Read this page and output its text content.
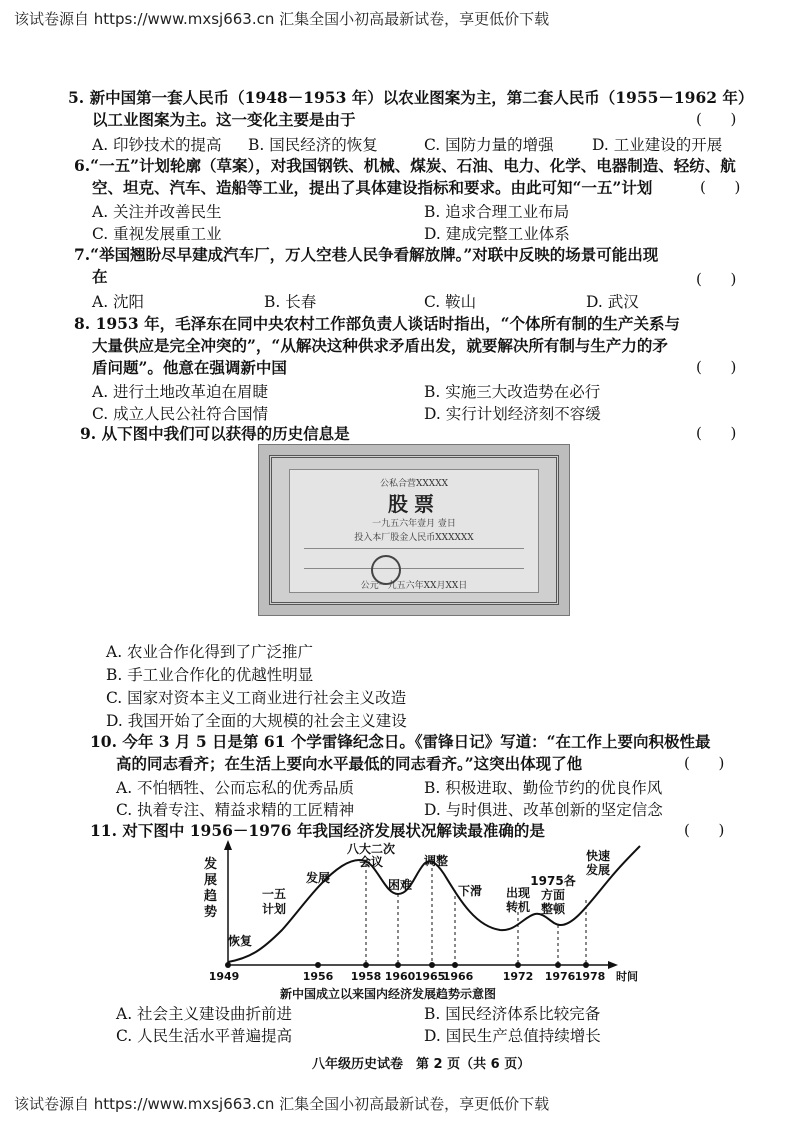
该试卷源自 https://www.mxsj663.cn 汇集全国小初高最新试卷，享更低价下载
5. 新中国第一套人民币（1948－1953 年）以农业图案为主，第二套人民币（1955－1962 年）
以工业图案为主。这一变化主要是由于	(      )
A. 印钞技术的提高 B. 国民经济的恢复	C. 国防力量的增强 D. 工业建设的开展
6.“一五”计划轮廓（草案），对我国钢铁、机械、煤炭、石油、电力、化学、电器制造、轻纺、航
空、坦克、汽车、造船等工业，提出了具体建设指标和要求。由此可知“一五”计划	(      )
A. 关注并改善民生	B. 追求合理工业布局
C. 重视发展重工业	D. 建成完整工业体系
7.“举国翘盼尽早建成汽车厂，万人空巷人民争看解放牌。”对联中反映的场景可能出现
在	(      )
A. 沈阳	B. 长春	C. 鞍山	D. 武汉
8. 1953 年，毛泽东在同中央农村工作部负责人谈话时指出，“个体所有制的生产关系与
大量供应是完全冲突的”，“从解决这种供求矛盾出发，就要解决所有制与生产力的矛
盾问题”。他意在强调新中国	(      )
A. 进行土地改革迫在眉睫	B. 实施三大改造势在必行
C. 成立人民公社符合国情	D. 实行计划经济刻不容缓
9. 从下图中我们可以获得的历史信息是	(      )
公私合营XXXXX
股票
一九五六年壹月 壹日
投入本厂股金人民币XXXXXX
公元一九五六年XX月XX日
A. 农业合作化得到了广泛推广
B. 手工业合作化的优越性明显
C. 国家对资本主义工商业进行社会主义改造
D. 我国开始了全面的大规模的社会主义建设
10. 今年 3 月 5 日是第 61 个学雷锋纪念日。《雷锋日记》写道：“在工作上要向积极性最
高的同志看齐；在生活上要向水平最低的同志看齐。”这突出体现了他	(      )
A. 不怕牺牲、公而忘私的优秀品质	B. 积极进取、勤俭节约的优良作风
C. 执着专注、精益求精的工匠精神	D. 与时俱进、改革创新的坚定信念
11. 对下图中 1956－1976 年我国经济发展状况解读最准确的是	(      )
发
展
趋
势
时间
1949	1956 1958 1960 1965
1966	1972 1976 1978
恢复
一五
计划
发展
八大二次
会议
困难
调整
下滑 出现
转机
1975各
方面
整顿
快速
发展
新中国成立以来国内经济发展趋势示意图
A. 社会主义建设曲折前进	B. 国民经济体系比较完备
C. 人民生活水平普遍提高	D. 国民生产总值持续增长
八年级历史试卷　第 2 页（共 6 页）
该试卷源自 https://www.mxsj663.cn 汇集全国小初高最新试卷，享更低价下载
